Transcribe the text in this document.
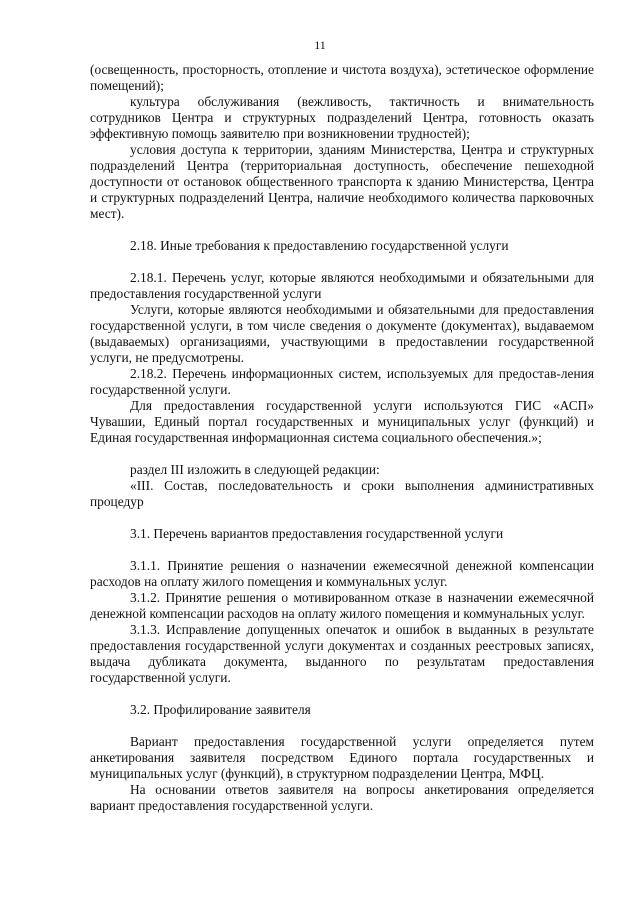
11

(освещенность, просторность, отопление и чистота воздуха), эстетическое оформление помещений);

культура обслуживания (вежливость, тактичность и внимательность сотрудников Центра и структурных подразделений Центра, готовность оказать эффективную помощь заявителю при возникновении трудностей);

условия доступа к территории, зданиям Министерства, Центра и структурных подразделений Центра (территориальная доступность, обеспечение пешеходной доступности от остановок общественного транспорта к зданию Министерства, Центра и структурных подразделений Центра, наличие необходимого количества парковочных мест).

2.18. Иные требования к предоставлению государственной услуги

2.18.1. Перечень услуг, которые являются необходимыми и обязательными для предоставления государственной услуги

Услуги, которые являются необходимыми и обязательными для предоставления государственной услуги, в том числе сведения о документе (документах), выдаваемом (выдаваемых) организациями, участвующими в предоставлении государственной услуги, не предусмотрены.

2.18.2. Перечень информационных систем, используемых для предостав-ления государственной услуги.

Для предоставления государственной услуги используются ГИС «АСП» Чувашии, Единый портал государственных и муниципальных услуг (функций) и Единая государственная информационная система социального обеспечения.»;

раздел III изложить в следующей редакции:

«III. Состав, последовательность и сроки выполнения административных процедур

3.1. Перечень вариантов предоставления государственной услуги

3.1.1. Принятие решения о назначении ежемесячной денежной компенсации расходов на оплату жилого помещения и коммунальных услуг.

3.1.2. Принятие решения о мотивированном отказе в назначении ежемесячной денежной компенсации расходов на оплату жилого помещения и коммунальных услуг.

3.1.3. Исправление допущенных опечаток и ошибок в выданных в результате предоставления государственной услуги документах и созданных реестровых записях, выдача дубликата документа, выданного по результатам предоставления государственной услуги.

3.2. Профилирование заявителя

Вариант предоставления государственной услуги определяется путем анкетирования заявителя посредством Единого портала государственных и муниципальных услуг (функций), в структурном подразделении Центра, МФЦ.

На основании ответов заявителя на вопросы анкетирования определяется вариант предоставления государственной услуги.
